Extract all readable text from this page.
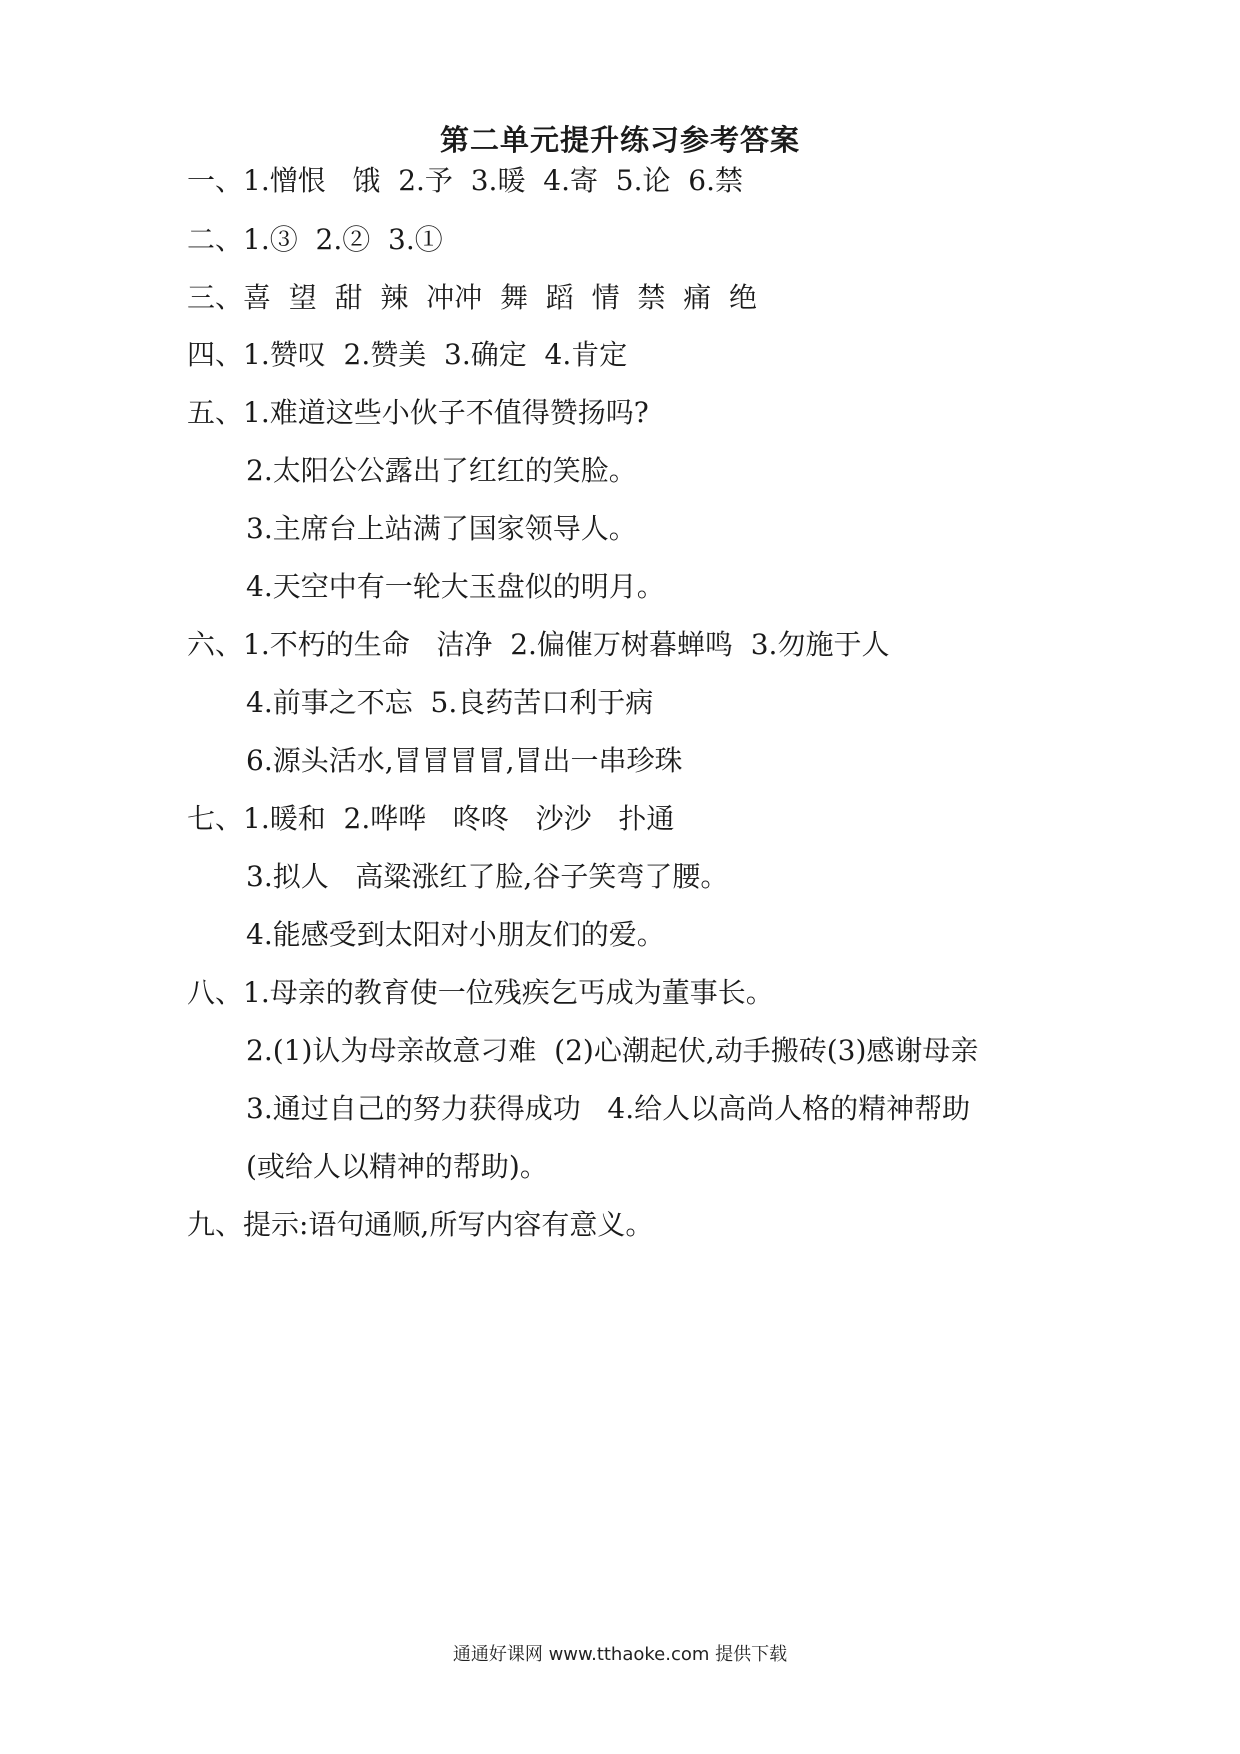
第二单元提升练习参考答案
一、1.憎恨   饿  2.予  3.暖  4.寄  5.论  6.禁
二、1.③  2.②  3.①
三、喜  望  甜  辣  冲冲  舞  蹈  情  禁  痛  绝
四、1.赞叹  2.赞美  3.确定  4.肯定
五、1.难道这些小伙子不值得赞扬吗?
2.太阳公公露出了红红的笑脸。
3.主席台上站满了国家领导人。
4.天空中有一轮大玉盘似的明月。
六、1.不朽的生命   洁净  2.偏催万树暮蝉鸣  3.勿施于人
4.前事之不忘  5.良药苦口利于病
6.源头活水,冒冒冒冒,冒出一串珍珠
七、1.暖和  2.哗哗   咚咚   沙沙   扑通
3.拟人   高粱涨红了脸,谷子笑弯了腰。
4.能感受到太阳对小朋友们的爱。
八、1.母亲的教育使一位残疾乞丐成为董事长。
2.(1)认为母亲故意刁难  (2)心潮起伏,动手搬砖(3)感谢母亲
3.通过自己的努力获得成功   4.给人以高尚人格的精神帮助
(或给人以精神的帮助)。
九、提示:语句通顺,所写内容有意义。
通通好课网 www.tthaoke.com 提供下载
